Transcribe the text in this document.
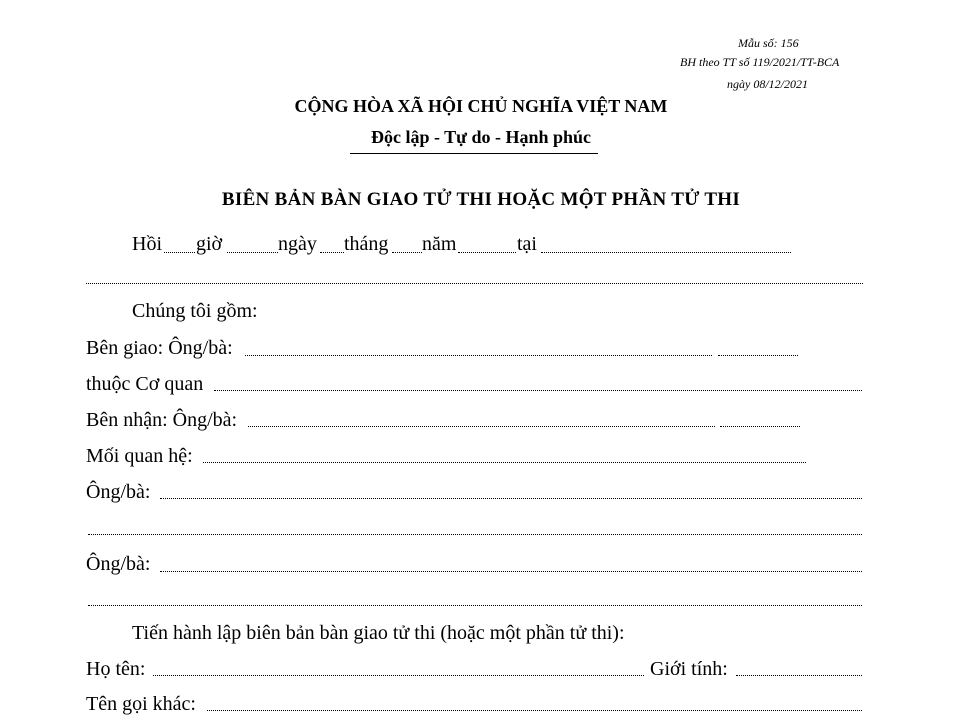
Mẫu số: 156
BH theo TT số 119/2021/TT-BCA
ngày 08/12/2021
CỘNG HÒA XÃ HỘI CHỦ NGHĨA VIỆT NAM
Độc lập - Tự do - Hạnh phúc
BIÊN BẢN BÀN GIAO TỬ THI HOẶC MỘT PHẦN TỬ THI
Hồi giờ	ngày tháng năm	tại
Chúng tôi gồm:
Bên giao: Ông/bà:
thuộc Cơ quan
Bên nhận: Ông/bà:
Mối quan hệ:
Ông/bà:
Ông/bà:
Tiến hành lập biên bản bàn giao tử thi (hoặc một phần tử thi):
Họ tên:	Giới tính:
Tên gọi khác:
